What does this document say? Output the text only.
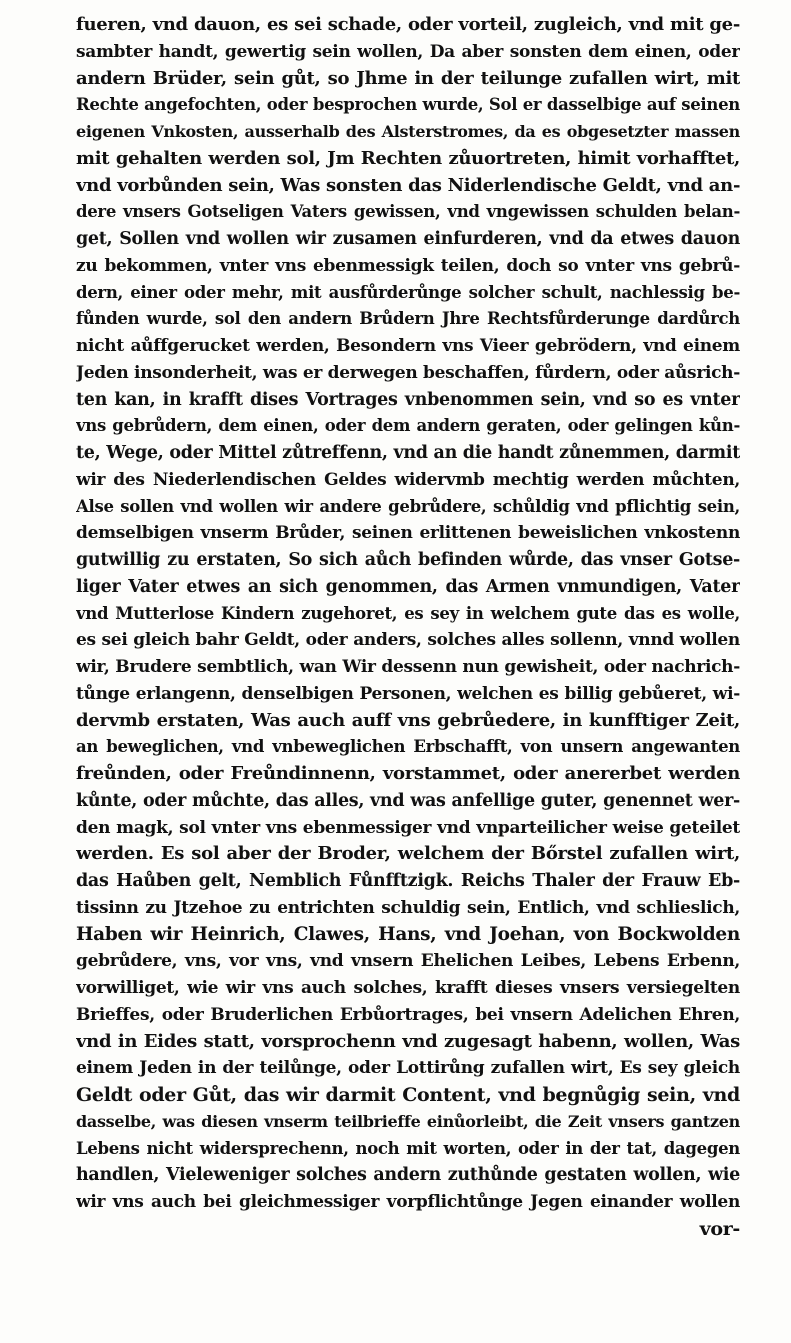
fueren, vnd dauon, es sei schade, oder vorteil, zugleich, vnd mit ge-
sambter handt, gewertig sein wollen, Da aber sonsten dem einen, oder
andern Brüder, sein gůt, so Jhme in der teilunge zufallen wirt, mit
Rechte angefochten, oder besprochen wurde, Sol er dasselbige auf seinen
eigenen Vnkosten, ausserhalb des Alsterstromes, da es obgesetzter massen
mit gehalten werden sol, Jm Rechten zůuortreten, himit vorhafftet,
vnd vorbůnden sein, Was sonsten das Niderlendische Geldt, vnd an-
dere vnsers Gotseligen Vaters gewissen, vnd vngewissen schulden belan-
get, Sollen vnd wollen wir zusamen einfurderen, vnd da etwes dauon
zu bekommen, vnter vns ebenmessigk teilen, doch so vnter vns gebrů-
dern, einer oder mehr, mit ausfůrderůnge solcher schult, nachlessig be-
fůnden wurde, sol den andern Brůdern Jhre Rechtsfůrderunge dardůrch
nicht aůffgerucket werden, Besondern vns Vieer gebrödern, vnd einem
Jeden insonderheit, was er derwegen beschaffen, fůrdern, oder aůsrich-
ten kan, in krafft dises Vortrages vnbenommen sein, vnd so es vnter
vns gebrůdern, dem einen, oder dem andern geraten, oder gelingen kůn-
te, Wege, oder Mittel zůtreffenn, vnd an die handt zůnemmen, darmit
wir des Niederlendischen Geldes widervmb mechtig werden můchten,
Alse sollen vnd wollen wir andere gebrůdere, schůldig vnd pflichtig sein,
demselbigen vnserm Brůder, seinen erlittenen beweislichen vnkostenn
gutwillig zu erstaten, So sich aůch befinden wůrde, das vnser Gotse-
liger Vater etwes an sich genommen, das Armen vnmundigen, Vater
vnd Mutterlose Kindern zugehoret, es sey in welchem gute das es wolle,
es sei gleich bahr Geldt, oder anders, solches alles sollenn, vnnd wollen
wir, Brudere sembtlich, wan Wir dessenn nun gewisheit, oder nachrich-
tůnge erlangenn, denselbigen Personen, welchen es billig gebůeret, wi-
dervmb erstaten, Was auch auff vns gebrůedere, in kunfftiger Zeit,
an beweglichen, vnd vnbeweglichen Erbschafft, von unsern angewanten
freůnden, oder Freůndinnenn, vorstammet, oder anererbet werden
kůnte, oder můchte, das alles, vnd was anfellige guter, genennet wer-
den magk, sol vnter vns ebenmessiger vnd vnparteilicher weise geteilet
werden. Es sol aber der Broder, welchem der Bőrstel zufallen wirt,
das Haůben gelt, Nemblich Fůnfftzigk. Reichs Thaler der Frauw Eb-
tissinn zu Jtzehoe zu entrichten schuldig sein, Entlich, vnd schlieslich,
Haben wir Heinrich, Clawes, Hans, vnd Joehan, von Bockwolden
gebrůdere, vns, vor vns, vnd vnsern Ehelichen Leibes, Lebens Erbenn,
vorwilliget, wie wir vns auch solches, krafft dieses vnsers versiegelten
Brieffes, oder Bruderlichen Erbůortrages, bei vnsern Adelichen Ehren,
vnd in Eides statt, vorsprochenn vnd zugesagt habenn, wollen, Was
einem Jeden in der teilůnge, oder Lottirůng zufallen wirt, Es sey gleich
Geldt oder Gůt, das wir darmit Content, vnd begnůgig sein, vnd
dasselbe, was diesen vnserm teilbrieffe einůorleibt, die Zeit vnsers gantzen
Lebens nicht widersprechenn, noch mit worten, oder in der tat, dagegen
handlen, Vieleweniger solches andern zuthůnde gestaten wollen, wie
wir vns auch bei gleichmessiger vorpflichtůnge Jegen einander wollen
vor-
